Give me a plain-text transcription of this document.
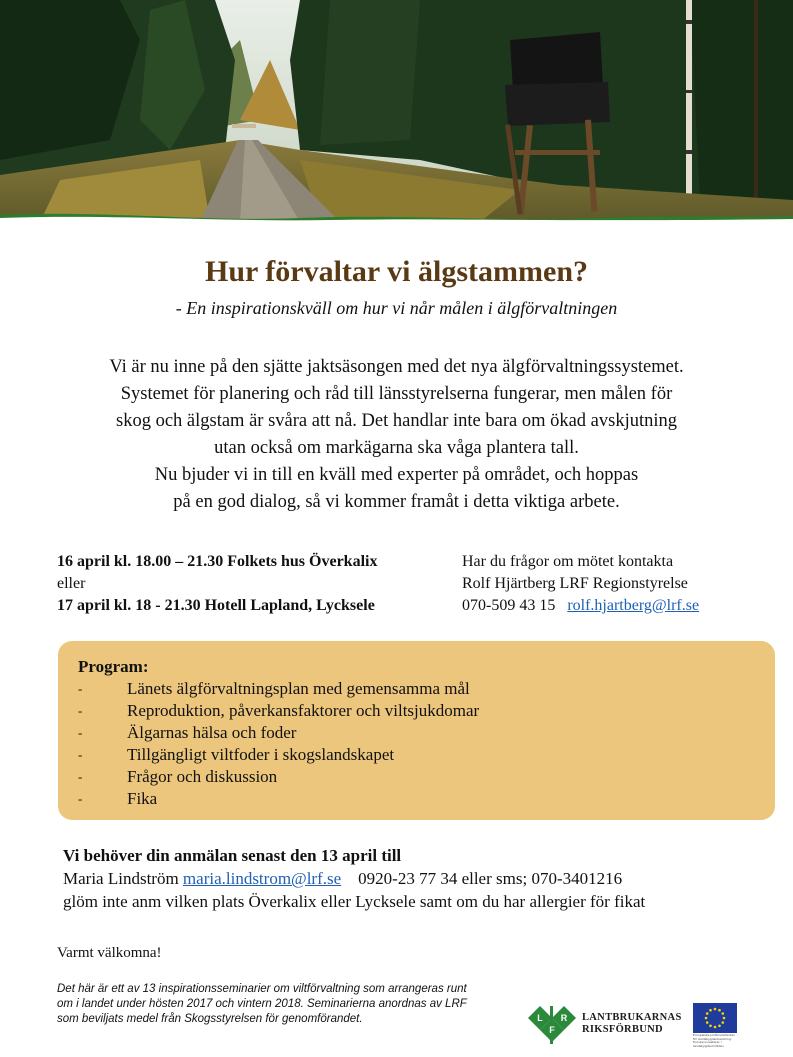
Hur förvaltar vi älgstammen?
- En inspirationskväll om hur vi når målen i älgförvaltningen

Vi är nu inne på den sjätte jaktsäsongen med det nya älgförvaltningssystemet.

Systemet för planering och råd till länsstyrelserna fungerar, men målen för

skog och älgstam är svåra att nå. Det handlar inte bara om ökad avskjutning

utan också om markägarna ska våga plantera tall.

Nu bjuder vi in till en kväll med experter på området, och hoppas

på en god dialog, så vi kommer framåt i detta viktiga arbete.

16 april kl. 18.00 – 21.30 Folkets hus Överkalix
eller
17 april kl. 18 - 21.30 Hotell Lapland, Lycksele
Har du frågor om mötet kontakta
Rolf Hjärtberg LRF Regionstyrelse
070-509 43 15 rolf.hjartberg@lrf.se
Program:
-	Länets älgförvaltningsplan med gemensamma mål
-	Reproduktion, påverkansfaktorer och viltsjukdomar
-	Älgarnas hälsa och foder
-	Tillgängligt viltfoder i skogslandskapet
-	Frågor och diskussion
-	Fika
Vi behöver din anmälan senast den 13 april till
Maria Lindström maria.lindstrom@lrf.se 0920-23 77 34 eller sms; 070-3401216
glöm inte anm vilken plats Överkalix eller Lycksele samt om du har allergier för fikat
Varmt välkomna!
Det här är ett av 13 inspirationsseminarier om viltförvaltning som arrangeras runt om i landet under hösten 2017 och vintern 2018. Seminarierna anordnas av LRF som beviljats medel från Skogsstyrelsen för genomförandet.	L R
F
LANTBRUKARNAS
RIKSFÖRBUND	Europeiska jordbruksfonden för landsbygdsutveckling: Europa investerar i landsbygdsområden
